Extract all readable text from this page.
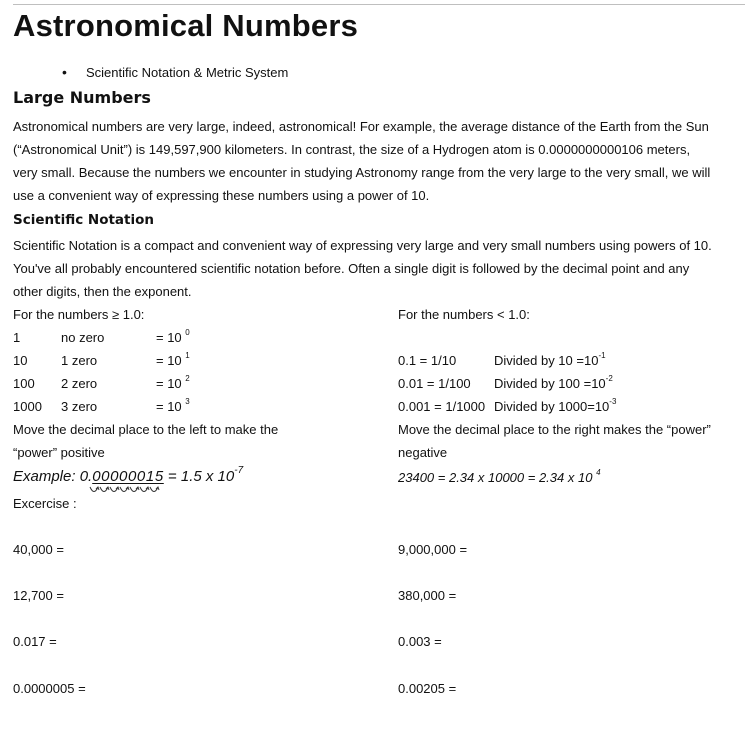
Astronomical Numbers
• Scientific Notation & Metric System
Large Numbers
Astronomical numbers are very large, indeed, astronomical! For example, the average distance of the Earth from the Sun
(“Astronomical Unit”) is 149,597,900 kilometers. In contrast, the size of a Hydrogen atom is 0.0000000000106 meters,
very small. Because the numbers we encounter in studying Astronomy range from the very large to the very small, we will
use a convenient way of expressing these numbers using a power of 10.
Scientific Notation
Scientific Notation is a compact and convenient way of expressing very large and very small numbers using powers of 10.
You've all probably encountered scientific notation before. Often a single digit is followed by the decimal point and any
other digits, then the exponent.
For the numbers ≥ 1.0:
1	no zero	= 10 $^0$
10	1 zero	= 10 $^1$
100 2 zero	= 10 $^2$
1000 3 zero	= 10 $^3$
Move the decimal place to the left to make the
“power” positive
Example: 0.00000015 = 1.5 x $10^{-7}$
Excercise :
For the numbers < 1.0:
0.1 = 1/10	Divided by $10 =10^{-1}$
0.01 = 1/100 Divided by $100 =10^{-2}$
0.001 = 1/1000 Divided by $1000=10^{-3}$
Move the decimal place to the right makes the “power”
negative
23400 = 2.34 x 10000 = 2.34 x 10 $^4$
40,000 =
12,700 =
0.017 =
0.0000005 =
9,000,000 =
380,000 =
0.003 =
0.00205 =
